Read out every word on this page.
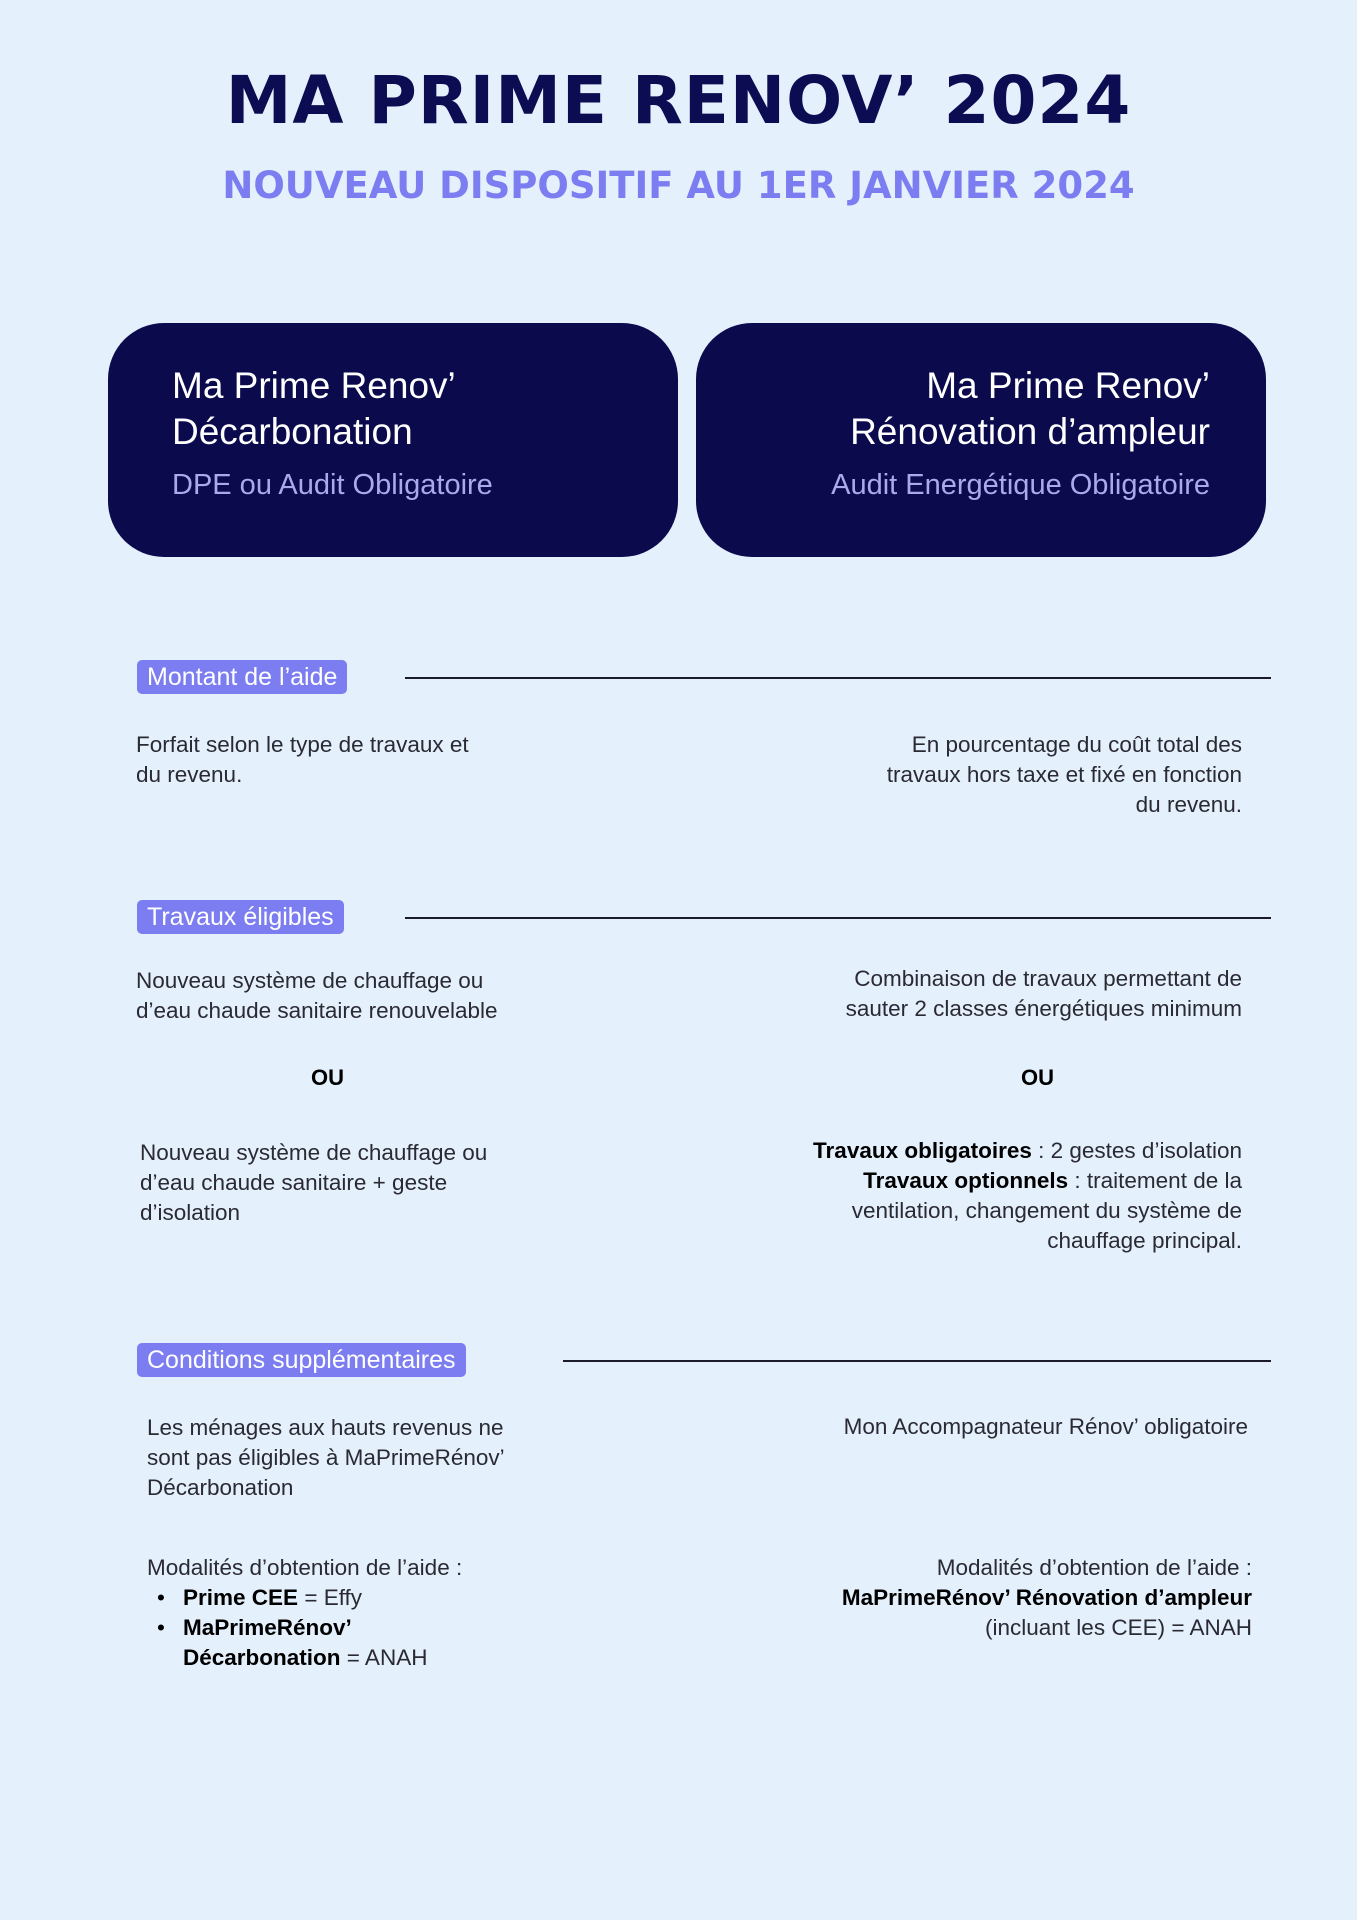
MA PRIME RENOV’ 2024
NOUVEAU DISPOSITIF AU 1ER JANVIER 2024
Ma Prime Renov’
Décarbonation
DPE ou Audit Obligatoire
Ma Prime Renov’
Rénovation d’ampleur
Audit Energétique Obligatoire
Montant de l’aide
Forfait selon le type de travaux et
du revenu.
En pourcentage du coût total des
travaux hors taxe et fixé en fonction
du revenu.
Travaux éligibles
Nouveau système de chauffage ou
d’eau chaude sanitaire renouvelable
Combinaison de travaux permettant de
sauter 2 classes énergétiques minimum
OU	OU
Nouveau système de chauffage ou
d’eau chaude sanitaire + geste
d’isolation
Travaux obligatoires : 2 gestes d’isolation
Travaux optionnels : traitement de la
ventilation, changement du système de
chauffage principal.
Conditions supplémentaires
Les ménages aux hauts revenus ne
sont pas éligibles à MaPrimeRénov’
Décarbonation
Mon Accompagnateur Rénov’ obligatoire
Modalités d’obtention de l’aide :
• Prime CEE = Effy
• MaPrimeRénov’
Décarbonation = ANAH
Modalités d’obtention de l’aide :
MaPrimeRénov’ Rénovation d’ampleur
(incluant les CEE) = ANAH
